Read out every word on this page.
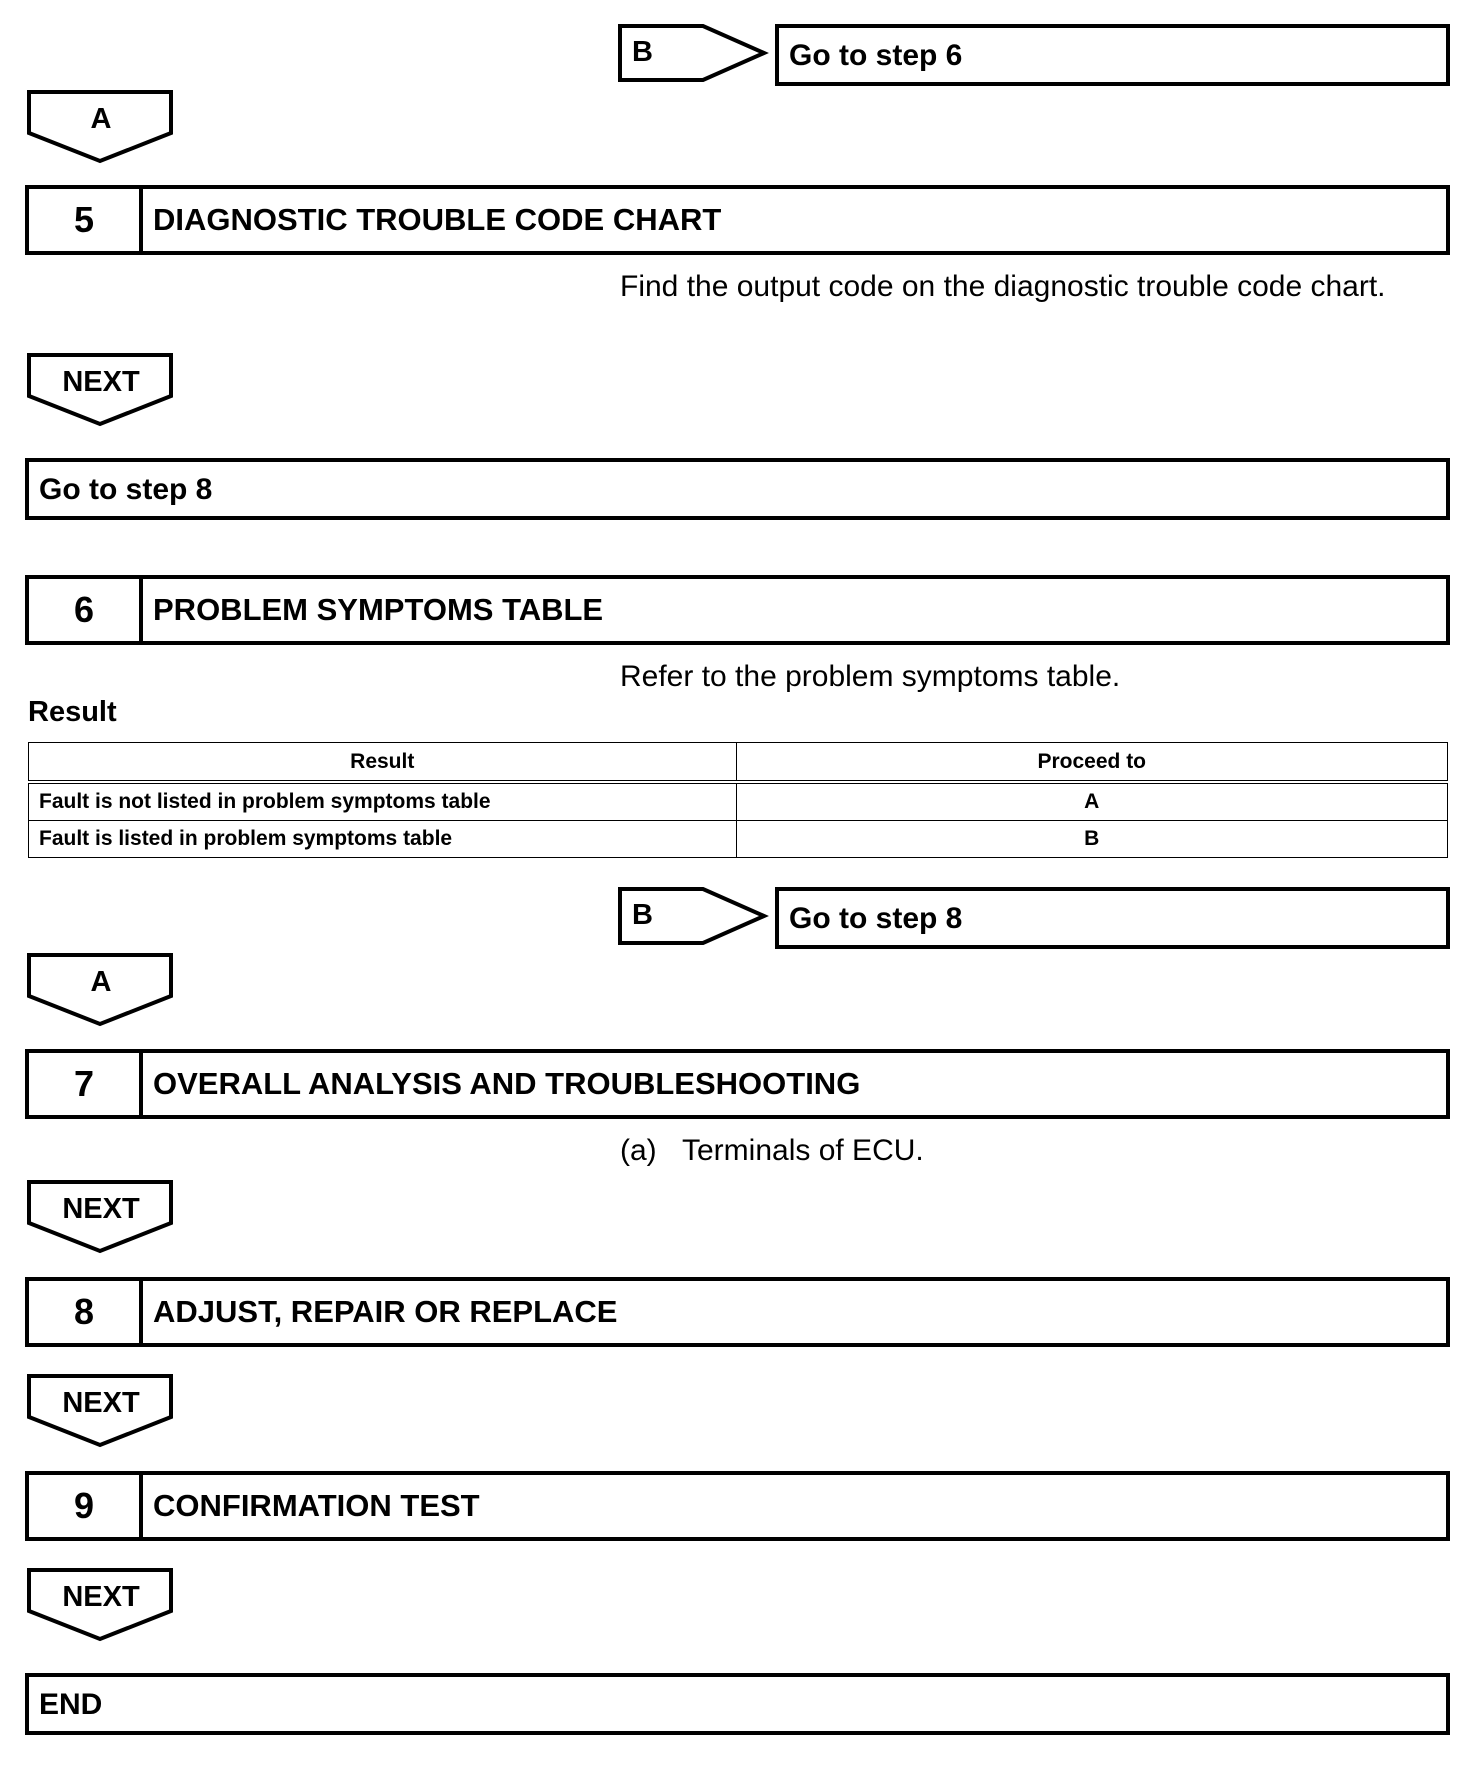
B	Go to step 6
A
5	DIAGNOSTIC TROUBLE CODE CHART
Find the output code on the diagnostic trouble code chart.
NEXT
Go to step 8
6	PROBLEM SYMPTOMS TABLE
Refer to the problem symptoms table.
Result
Result	Proceed to
Fault is not listed in problem symptoms table	A
Fault is listed in problem symptoms table	B
B	Go to step 8
A
7	OVERALL ANALYSIS AND TROUBLESHOOTING
(a) Terminals of ECU.
NEXT
8	ADJUST, REPAIR OR REPLACE
NEXT
9	CONFIRMATION TEST
NEXT
END
